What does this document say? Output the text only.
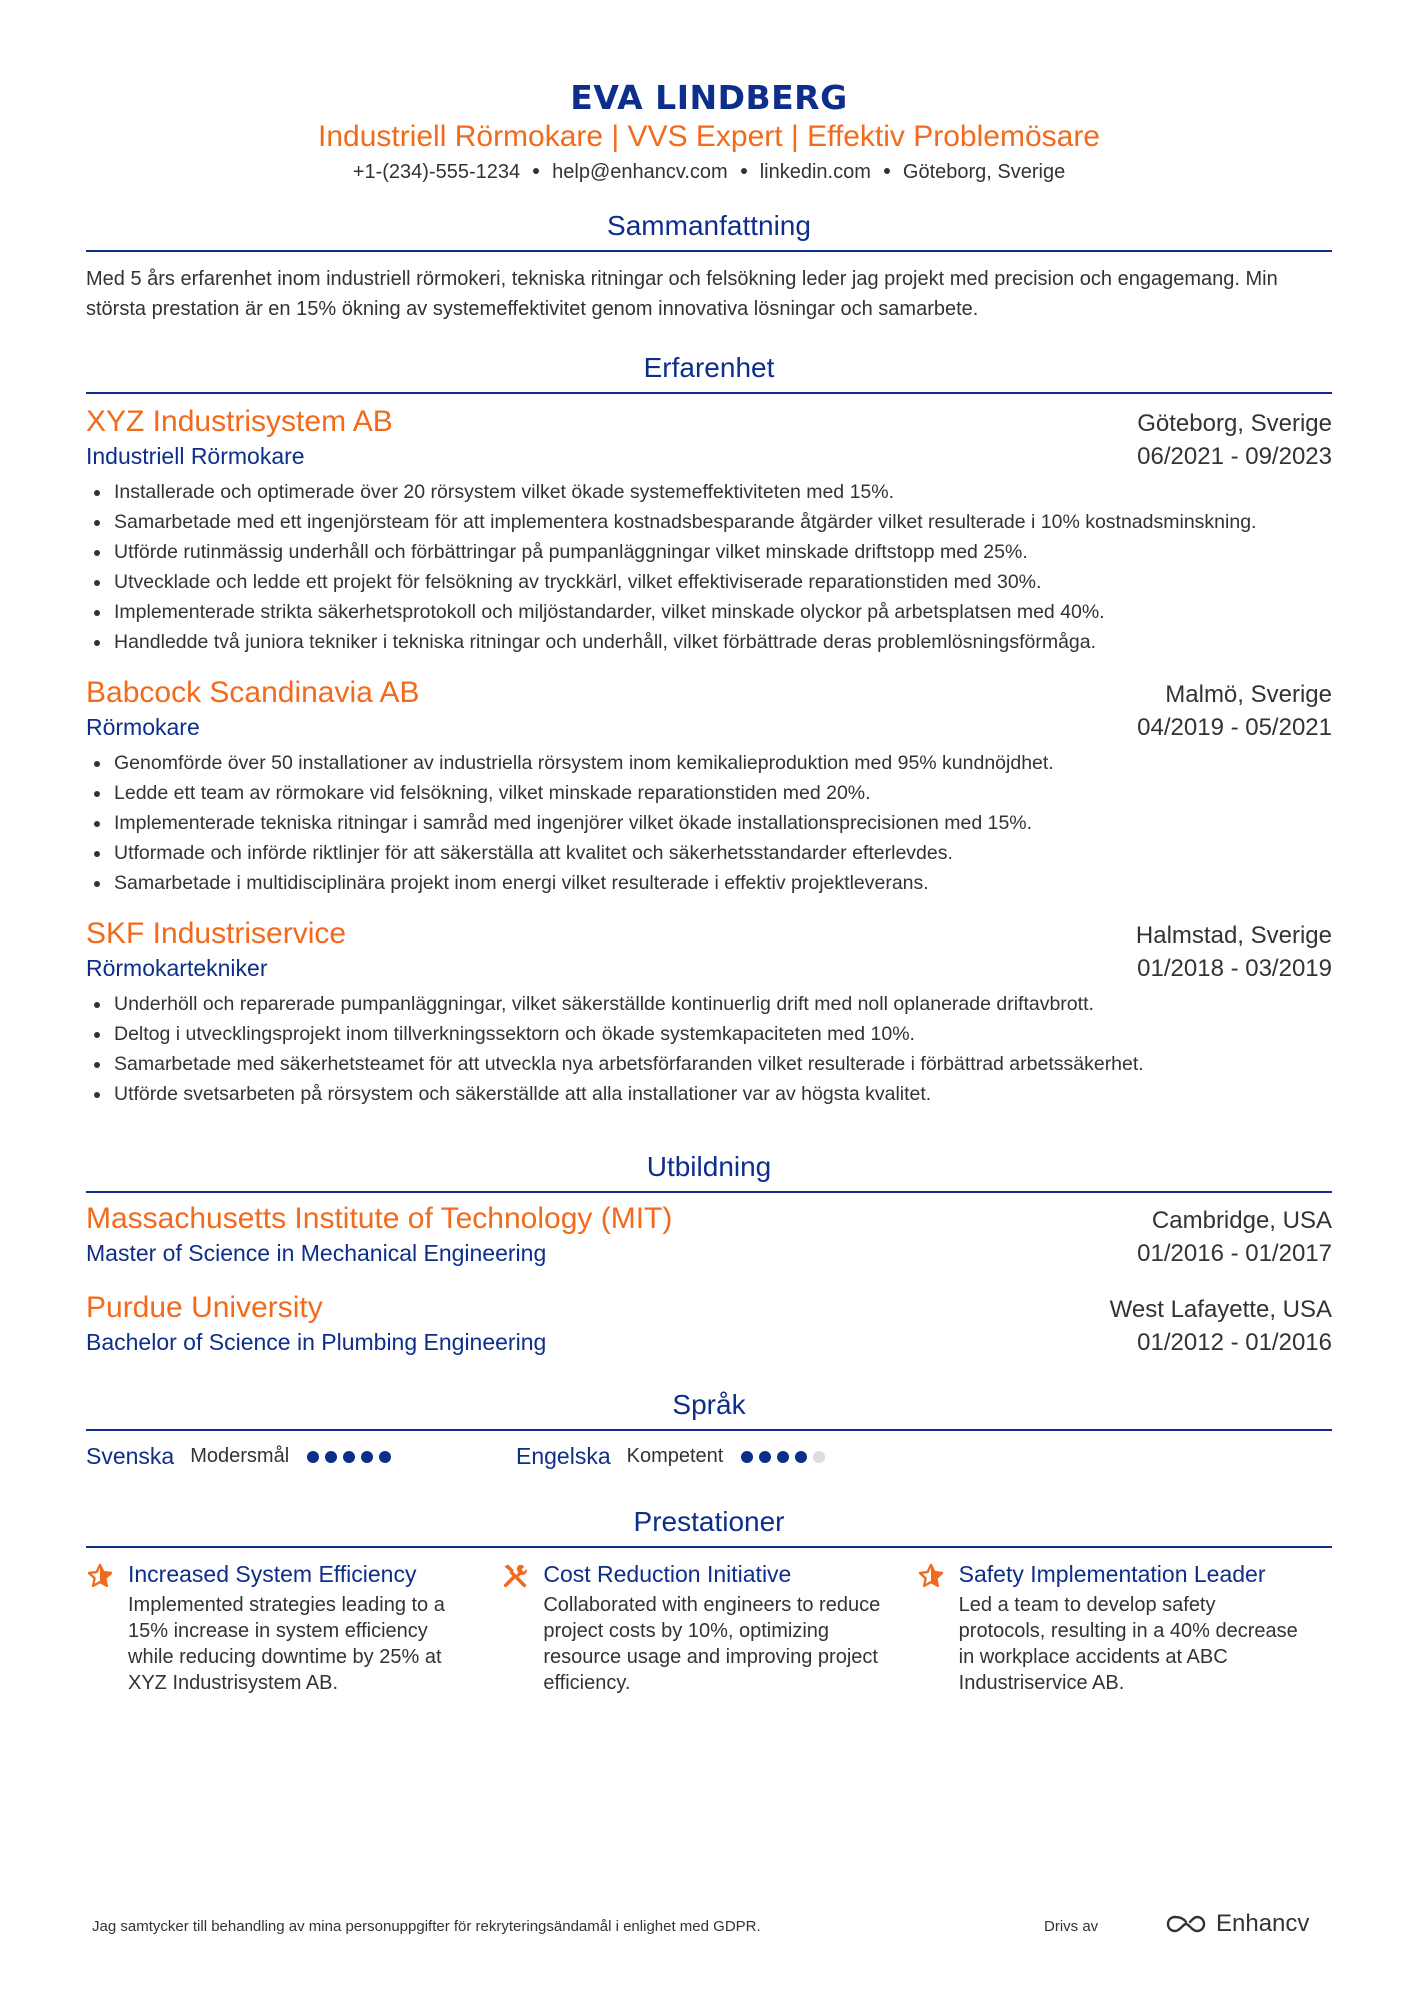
EVA LINDBERG
Industriell Rörmokare | VVS Expert | Effektiv Problemösare
+1-(234)-555-1234 help@enhancv.com linkedin.com Göteborg, Sverige
Sammanfattning
Med 5 års erfarenhet inom industriell rörmokeri, tekniska ritningar och felsökning leder jag projekt med precision och engagemang. Min största prestation är en 15% ökning av systemeffektivitet genom innovativa lösningar och samarbete.
Erfarenhet
XYZ Industrisystem AB	Göteborg, Sverige
Industriell Rörmokare	06/2021 - 09/2023
Installerade och optimerade över 20 rörsystem vilket ökade systemeffektiviteten med 15%.
Samarbetade med ett ingenjörsteam för att implementera kostnadsbesparande åtgärder vilket resulterade i 10% kostnadsminskning.
Utförde rutinmässig underhåll och förbättringar på pumpanläggningar vilket minskade driftstopp med 25%.
Utvecklade och ledde ett projekt för felsökning av tryckkärl, vilket effektiviserade reparationstiden med 30%.
Implementerade strikta säkerhetsprotokoll och miljöstandarder, vilket minskade olyckor på arbetsplatsen med 40%.
Handledde två juniora tekniker i tekniska ritningar och underhåll, vilket förbättrade deras problemlösningsförmåga.
Babcock Scandinavia AB	Malmö, Sverige
Rörmokare	04/2019 - 05/2021
Genomförde över 50 installationer av industriella rörsystem inom kemikalieproduktion med 95% kundnöjdhet.
Ledde ett team av rörmokare vid felsökning, vilket minskade reparationstiden med 20%.
Implementerade tekniska ritningar i samråd med ingenjörer vilket ökade installationsprecisionen med 15%.
Utformade och införde riktlinjer för att säkerställa att kvalitet och säkerhetsstandarder efterlevdes.
Samarbetade i multidisciplinära projekt inom energi vilket resulterade i effektiv projektleverans.
SKF Industriservice	Halmstad, Sverige
Rörmokartekniker	01/2018 - 03/2019
Underhöll och reparerade pumpanläggningar, vilket säkerställde kontinuerlig drift med noll oplanerade driftavbrott.
Deltog i utvecklingsprojekt inom tillverkningssektorn och ökade systemkapaciteten med 10%.
Samarbetade med säkerhetsteamet för att utveckla nya arbetsförfaranden vilket resulterade i förbättrad arbetssäkerhet.
Utförde svetsarbeten på rörsystem och säkerställde att alla installationer var av högsta kvalitet.
Utbildning
Massachusetts Institute of Technology (MIT)	Cambridge, USA
Master of Science in Mechanical Engineering	01/2016 - 01/2017
Purdue University	West Lafayette, USA
Bachelor of Science in Plumbing Engineering	01/2012 - 01/2016
Språk
Svenska Modersmål	Engelska Kompetent
Prestationer
Increased System Efficiency
Implemented strategies leading to a 15% increase in system efficiency while reducing downtime by 25% at XYZ Industrisystem AB.
Cost Reduction Initiative
Collaborated with engineers to reduce project costs by 10%, optimizing resource usage and improving project efficiency.
Safety Implementation Leader
Led a team to develop safety protocols, resulting in a 40% decrease in workplace accidents at ABC Industriservice AB.
Jag samtycker till behandling av mina personuppgifter för rekryteringsändamål i enlighet med GDPR.	Drivs av	Enhancv
